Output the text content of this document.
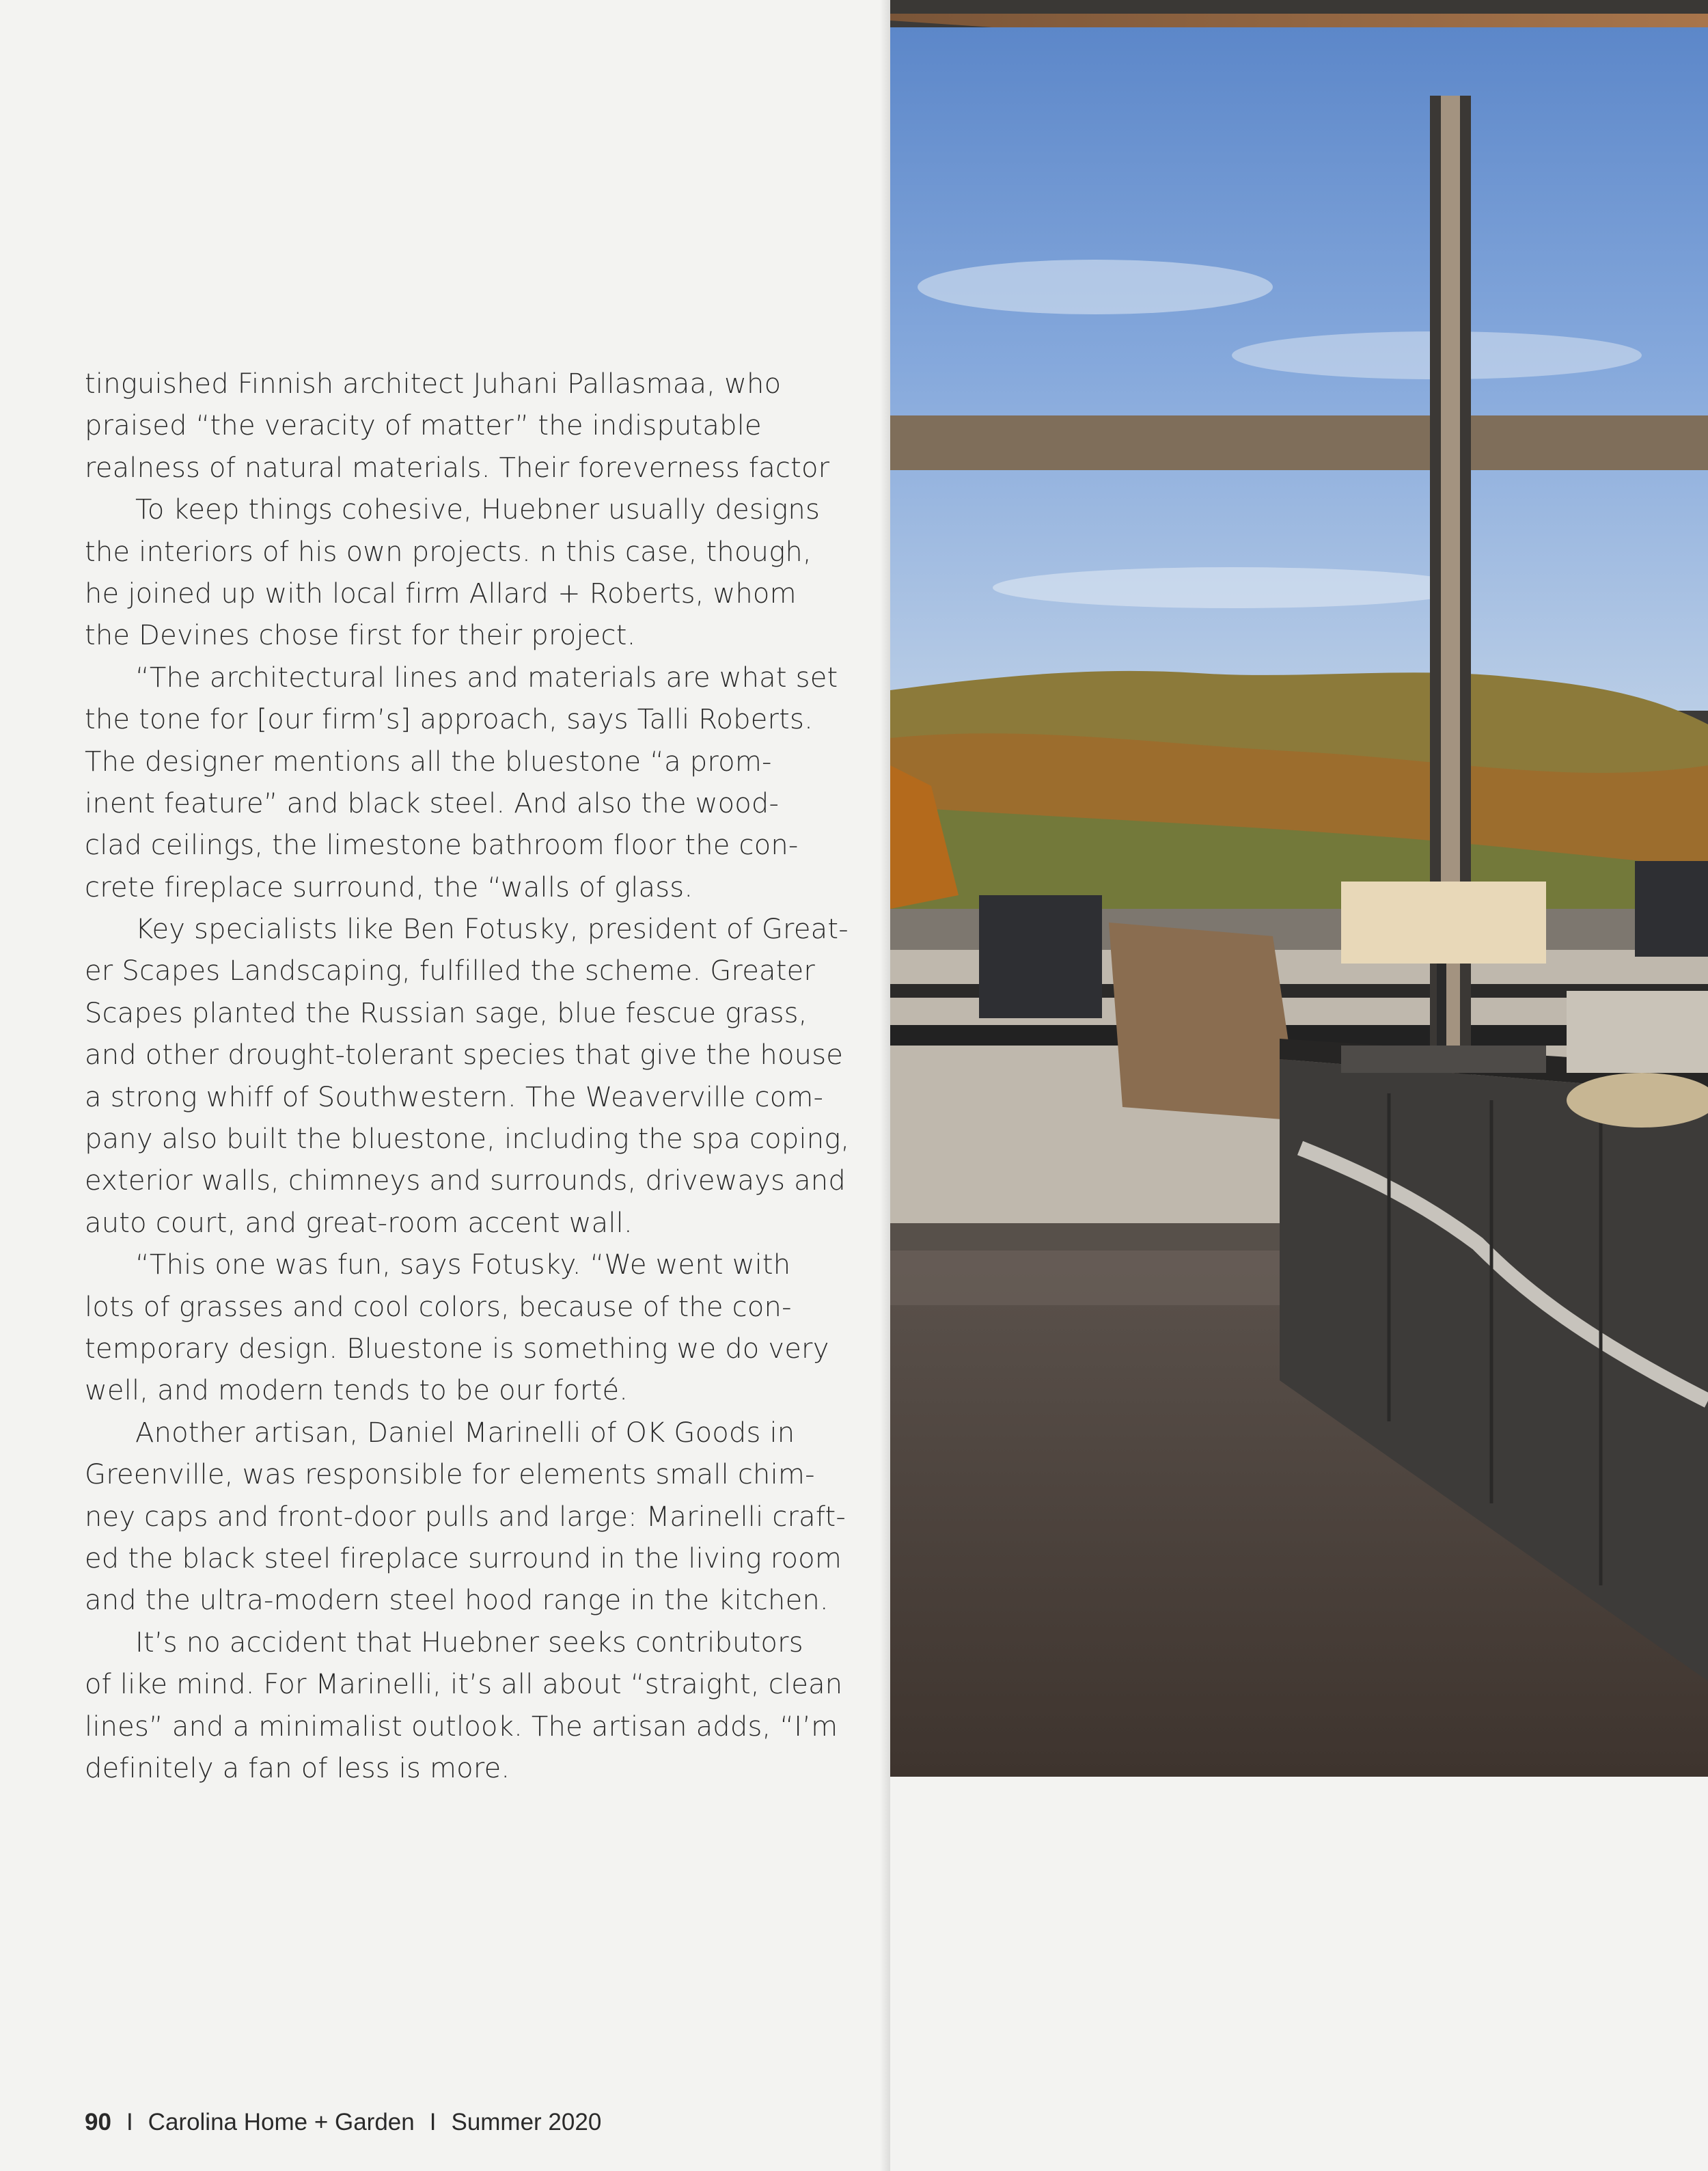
tinguished Finnish architect Juhani Pallasmaa, who
praised “the veracity of matter” the indisputable
realness of natural materials. Their foreverness factor
To keep things cohesive, Huebner usually designs
the interiors of his own projects. n this case, though,
he joined up with local firm Allard + Roberts, whom
the Devines chose first for their project.
“The architectural lines and materials are what set
the tone for [our firm’s] approach, says Talli Roberts.
The designer mentions all the bluestone “a prom-
inent feature” and black steel. And also the wood-
clad ceilings, the limestone bathroom floor the con-
crete fireplace surround, the “walls of glass.
Key specialists like Ben Fotusky, president of Great-
er Scapes Landscaping, fulfilled the scheme. Greater
Scapes planted the Russian sage, blue fescue grass,
and other drought-tolerant species that give the house
a strong whiff of Southwestern. The Weaverville com-
pany also built the bluestone, including the spa coping,
exterior walls, chimneys and surrounds, driveways and
auto court, and great-room accent wall.
“This one was fun, says Fotusky. “We went with
lots of grasses and cool colors, because of the con-
temporary design. Bluestone is something we do very
well, and modern tends to be our forté.
Another artisan, Daniel Marinelli of OK Goods in
Greenville, was responsible for elements small chim-
ney caps and front-door pulls and large: Marinelli craft-
ed the black steel fireplace surround in the living room
and the ultra-modern steel hood range in the kitchen.
It’s no accident that Huebner seeks contributors
of like mind. For Marinelli, it’s all about “straight, clean
lines” and a minimalist outlook. The artisan adds, “I’m
definitely a fan of less is more.
90 I Carolina Home + Garden I Summer 2020
